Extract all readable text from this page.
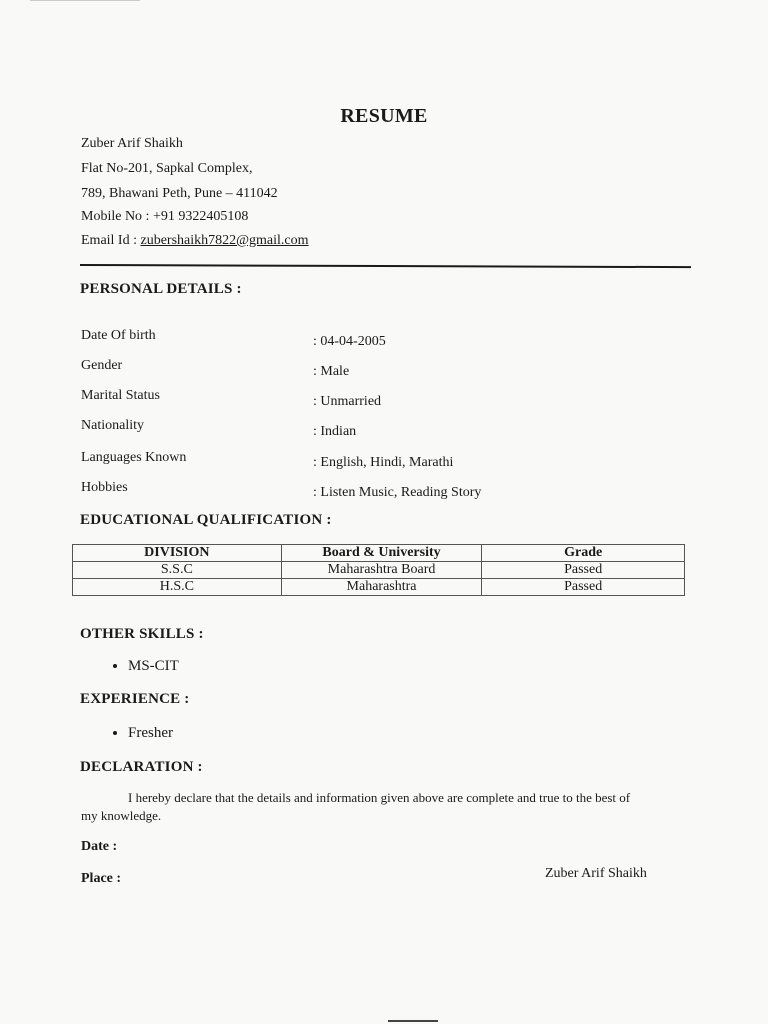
RESUME
Zuber Arif Shaikh
Flat No-201, Sapkal Complex,
789, Bhawani Peth, Pune – 411042
Mobile No : +91 9322405108
Email Id : zubershaikh7822@gmail.com
PERSONAL DETAILS :
Date Of birth	: 04-04-2005
Gender	: Male
Marital Status	: Unmarried
Nationality	: Indian
Languages Known	: English, Hindi, Marathi
Hobbies	: Listen Music, Reading Story
EDUCATIONAL QUALIFICATION :
DIVISION	Board & University	Grade
S.S.C	Maharashtra Board	Passed
H.S.C	Maharashtra	Passed
OTHER SKILLS :
• MS-CIT
EXPERIENCE :
• Fresher
DECLARATION :
I hereby declare that the details and information given above are complete and true to the best of
my knowledge.
Date :
Place :	Zuber Arif Shaikh
